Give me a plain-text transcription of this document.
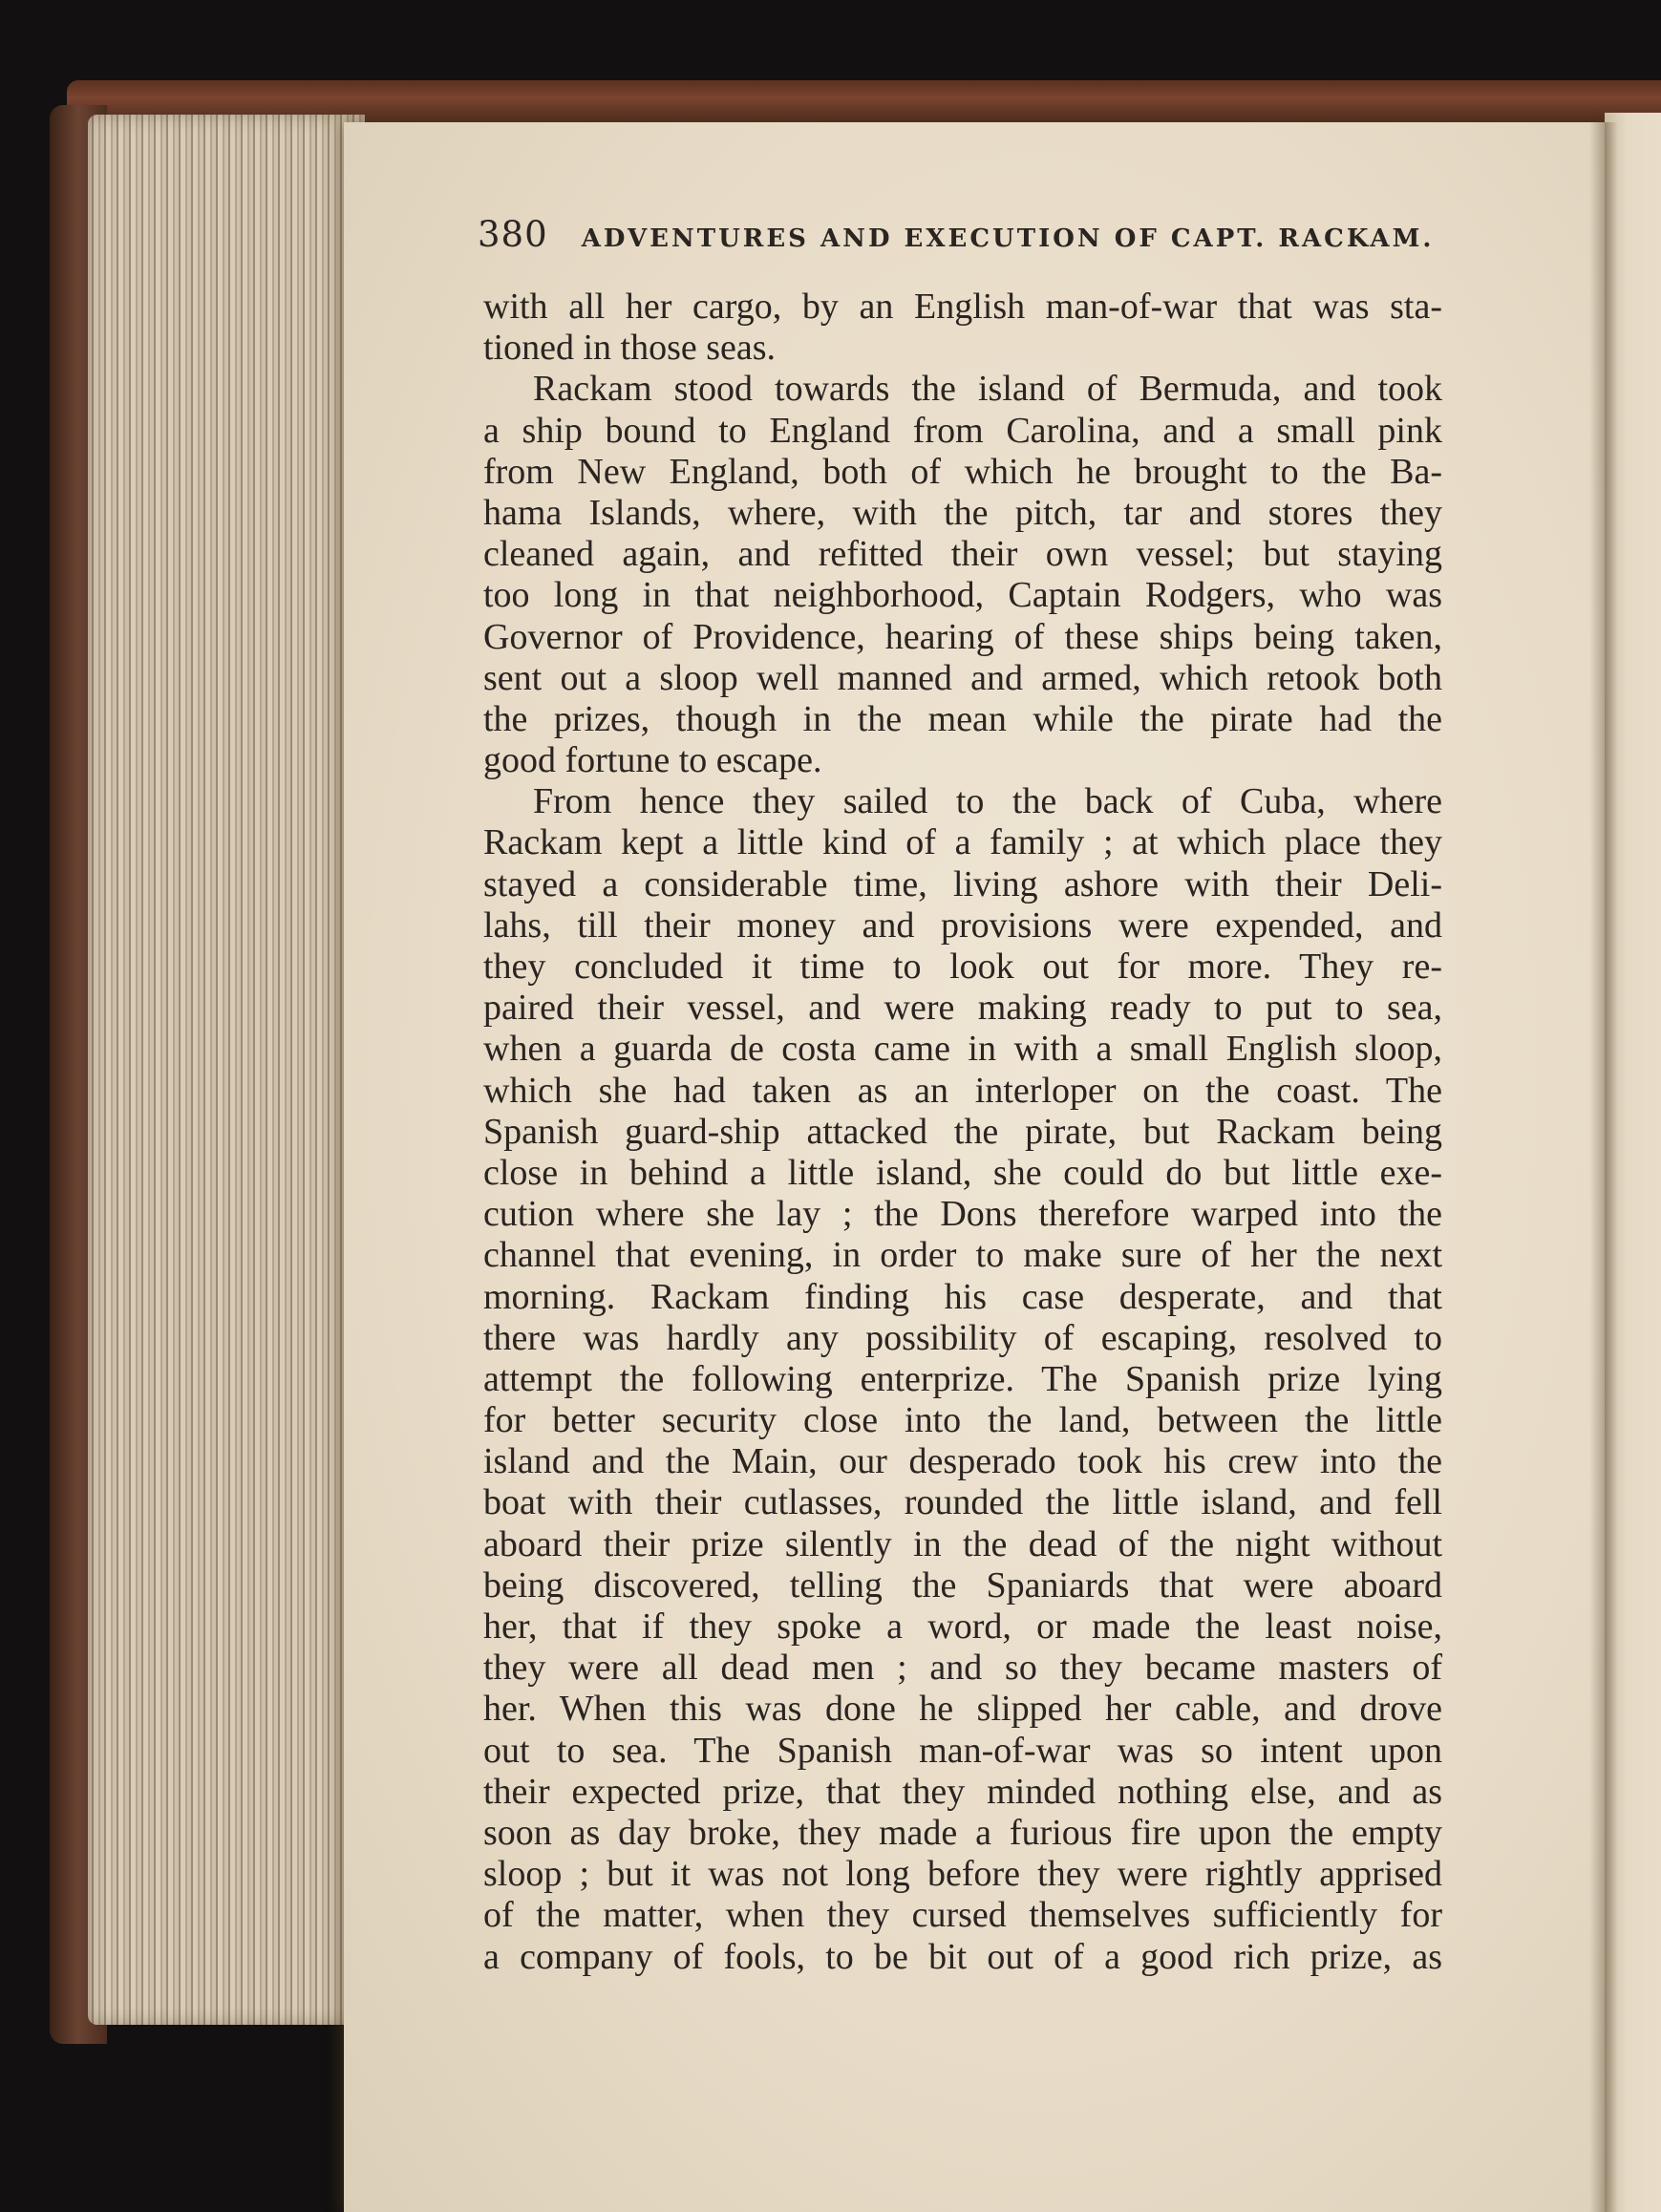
380 ADVENTURES AND EXECUTION OF CAPT. RACKAM.
with all her cargo, by an English man-of-war that was sta-
tioned in those seas.
Rackam stood towards the island of Bermuda, and took
a ship bound to England from Carolina, and a small pink
from New England, both of which he brought to the Ba-
hama Islands, where, with the pitch, tar and stores they
cleaned again, and refitted their own vessel; but staying
too long in that neighborhood, Captain Rodgers, who was
Governor of Providence, hearing of these ships being taken,
sent out a sloop well manned and armed, which retook both
the prizes, though in the mean while the pirate had the
good fortune to escape.
From hence they sailed to the back of Cuba, where
Rackam kept a little kind of a family ; at which place they
stayed a considerable time, living ashore with their Deli-
lahs, till their money and provisions were expended, and
they concluded it time to look out for more. They re-
paired their vessel, and were making ready to put to sea,
when a guarda de costa came in with a small English sloop,
which she had taken as an interloper on the coast. The
Spanish guard-ship attacked the pirate, but Rackam being
close in behind a little island, she could do but little exe-
cution where she lay ; the Dons therefore warped into the
channel that evening, in order to make sure of her the next
morning. Rackam finding his case desperate, and that
there was hardly any possibility of escaping, resolved to
attempt the following enterprize. The Spanish prize lying
for better security close into the land, between the little
island and the Main, our desperado took his crew into the
boat with their cutlasses, rounded the little island, and fell
aboard their prize silently in the dead of the night without
being discovered, telling the Spaniards that were aboard
her, that if they spoke a word, or made the least noise,
they were all dead men ; and so they became masters of
her. When this was done he slipped her cable, and drove
out to sea. The Spanish man-of-war was so intent upon
their expected prize, that they minded nothing else, and as
soon as day broke, they made a furious fire upon the empty
sloop ; but it was not long before they were rightly apprised
of the matter, when they cursed themselves sufficiently for
a company of fools, to be bit out of a good rich prize, as
